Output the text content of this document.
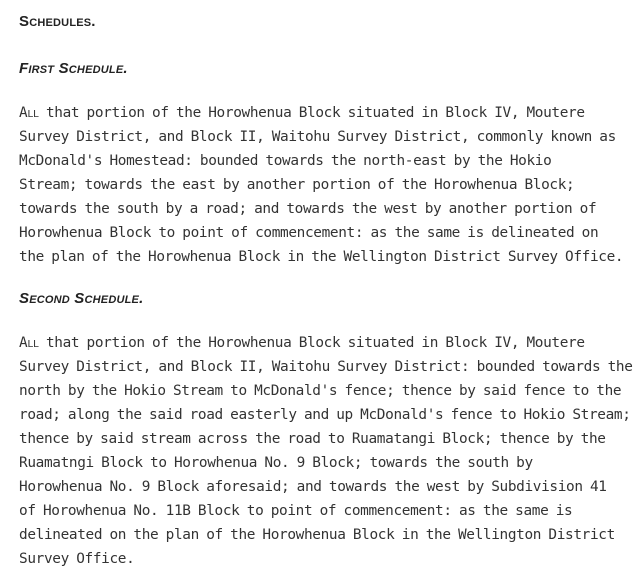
Schedules.
First Schedule.

All that portion of the Horowhenua Block situated in Block IV, Moutere
Survey District, and Block II, Waitohu Survey District, commonly known as
McDonald's Homestead: bounded towards the north-east by the Hokio
Stream; towards the east by another portion of the Horowhenua Block;
towards the south by a road; and towards the west by another portion of
Horowhenua Block to point of commencement: as the same is delineated on
the plan of the Horowhenua Block in the Wellington District Survey Office.

Second Schedule.

All that portion of the Horowhenua Block situated in Block IV, Moutere
Survey District, and Block II, Waitohu Survey District: bounded towards the
north by the Hokio Stream to McDonald's fence; thence by said fence to the
road; along the said road easterly and up McDonald's fence to Hokio Stream;
thence by said stream across the road to Ruamatangi Block; thence by the
Ruamatngi Block to Horowhenua No. 9 Block; towards the south by
Horowhenua No. 9 Block aforesaid; and towards the west by Subdivision 41
of Horowhenua No. 11B Block to point of commencement: as the same is
delineated on the plan of the Horowhenua Block in the Wellington District
Survey Office.
